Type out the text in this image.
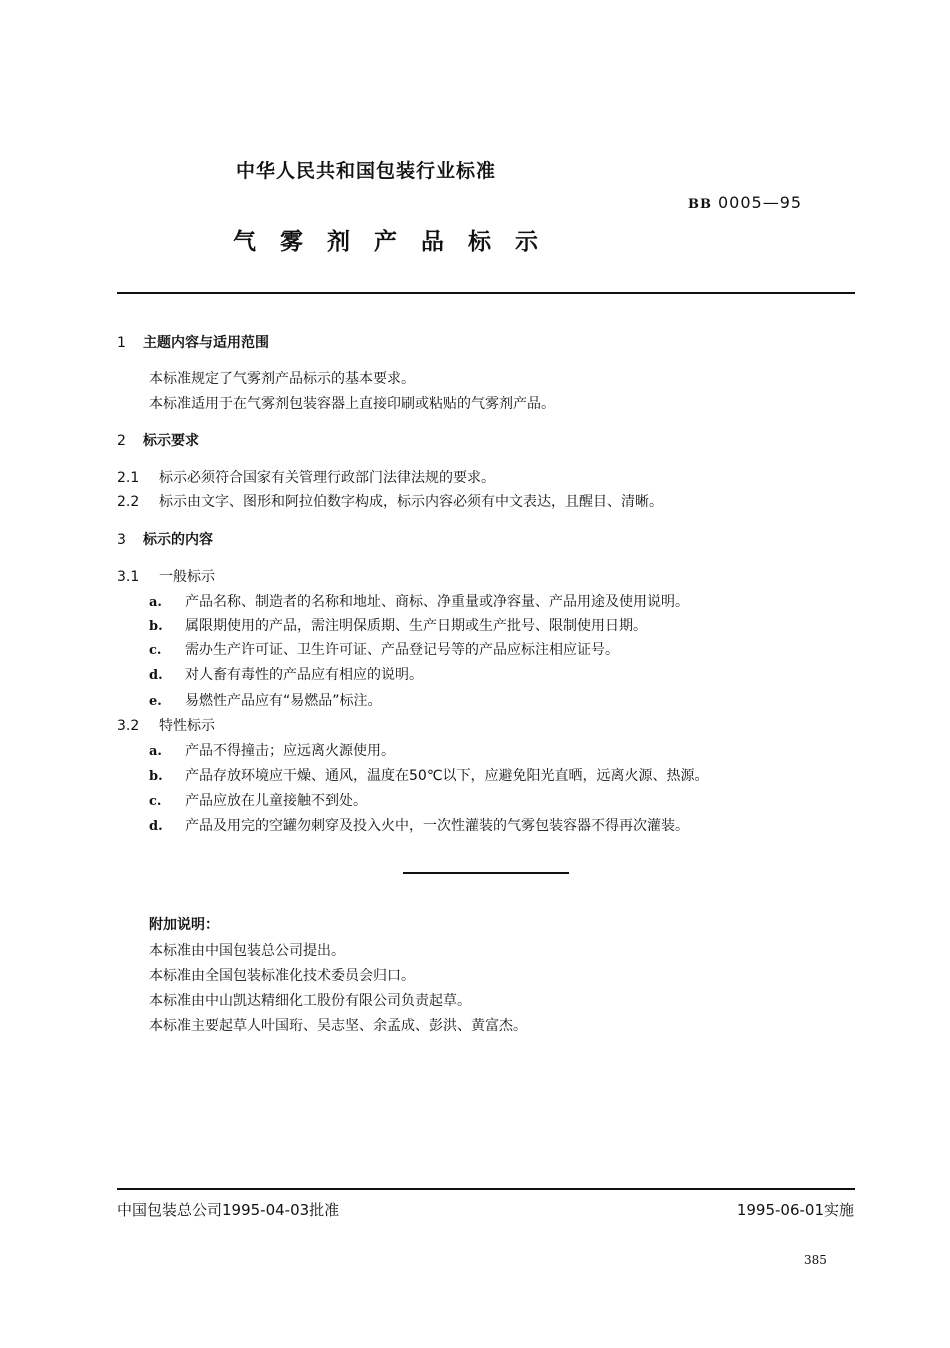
中华人民共和国包装行业标准
BB 0005—95
气雾剂产品标示
1 主题内容与适用范围
本标准规定了气雾剂产品标示的基本要求。
本标准适用于在气雾剂包装容器上直接印刷或粘贴的气雾剂产品。
2 标示要求
2.1 标示必须符合国家有关管理行政部门法律法规的要求。
2.2 标示由文字、图形和阿拉伯数字构成，标示内容必须有中文表达，且醒目、清晰。
3 标示的内容
3.1 一般标示
a. 产品名称、制造者的名称和地址、商标、净重量或净容量、产品用途及使用说明。
b. 属限期使用的产品，需注明保质期、生产日期或生产批号、限制使用日期。
c. 需办生产许可证、卫生许可证、产品登记号等的产品应标注相应证号。
d. 对人畜有毒性的产品应有相应的说明。
e. 易燃性产品应有“易燃品”标注。
3.2 特性标示
a. 产品不得撞击；应远离火源使用。
b. 产品存放环境应干燥、通风，温度在50℃以下，应避免阳光直晒，远离火源、热源。
c. 产品应放在儿童接触不到处。
d. 产品及用完的空罐勿刺穿及投入火中，一次性灌装的气雾包装容器不得再次灌装。
附加说明：
本标准由中国包装总公司提出。
本标准由全国包装标准化技术委员会归口。
本标准由中山凯达精细化工股份有限公司负责起草。
本标准主要起草人叶国珩、吴志坚、余孟成、彭洪、黄富杰。
中国包装总公司1995-04-03批准	1995-06-01实施
385
